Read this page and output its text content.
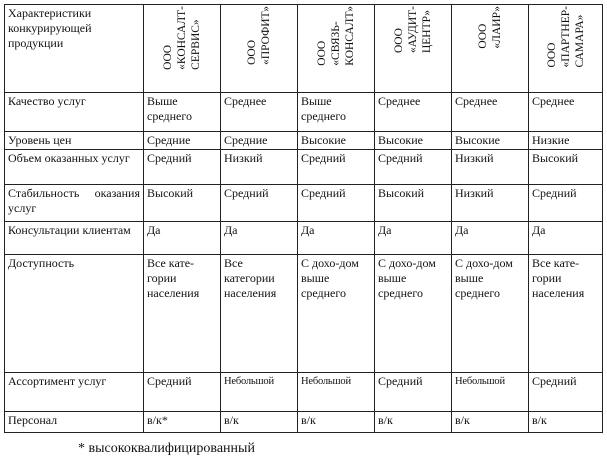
Характеристики конкурирующей продукции	ООО «КОНСАЛТ- СЕРВИС»	ООО «ПРОФИТ»	ООО «СВЯЗЬ- КОНСАЛТ»	ООО «АУДИТ- ЦЕНТР»	ООО «ЛАИР»	ООО «ПАРТНЕР- САМАРА»

Качество услуг	Выше среднего	Среднее	Выше среднего	Среднее	Среднее	Среднее
Уровень цен	Средние	Средние	Высокие	Высокие	Высокие	Низкие
Объем оказанных услуг	Средний	Низкий	Средний	Средний	Низкий	Высокий
Стабильность оказания услуг	Высокий	Средний	Средний	Высокий	Низкий	Средний
Консультации клиентам	Да	Да	Да	Да	Да	Да
Доступность	Все кате-гории населения	Все категории населения	С дохо-дом выше среднего	С дохо-дом выше среднего	С дохо-дом выше среднего	Все кате-гории населения
Ассортимент услуг	Средний	Небольшой	Небольшой	Средний	Небольшой	Средний
Персонал	в/к*	в/к	в/к	в/к	в/к	в/к
* высококвалифицированный
